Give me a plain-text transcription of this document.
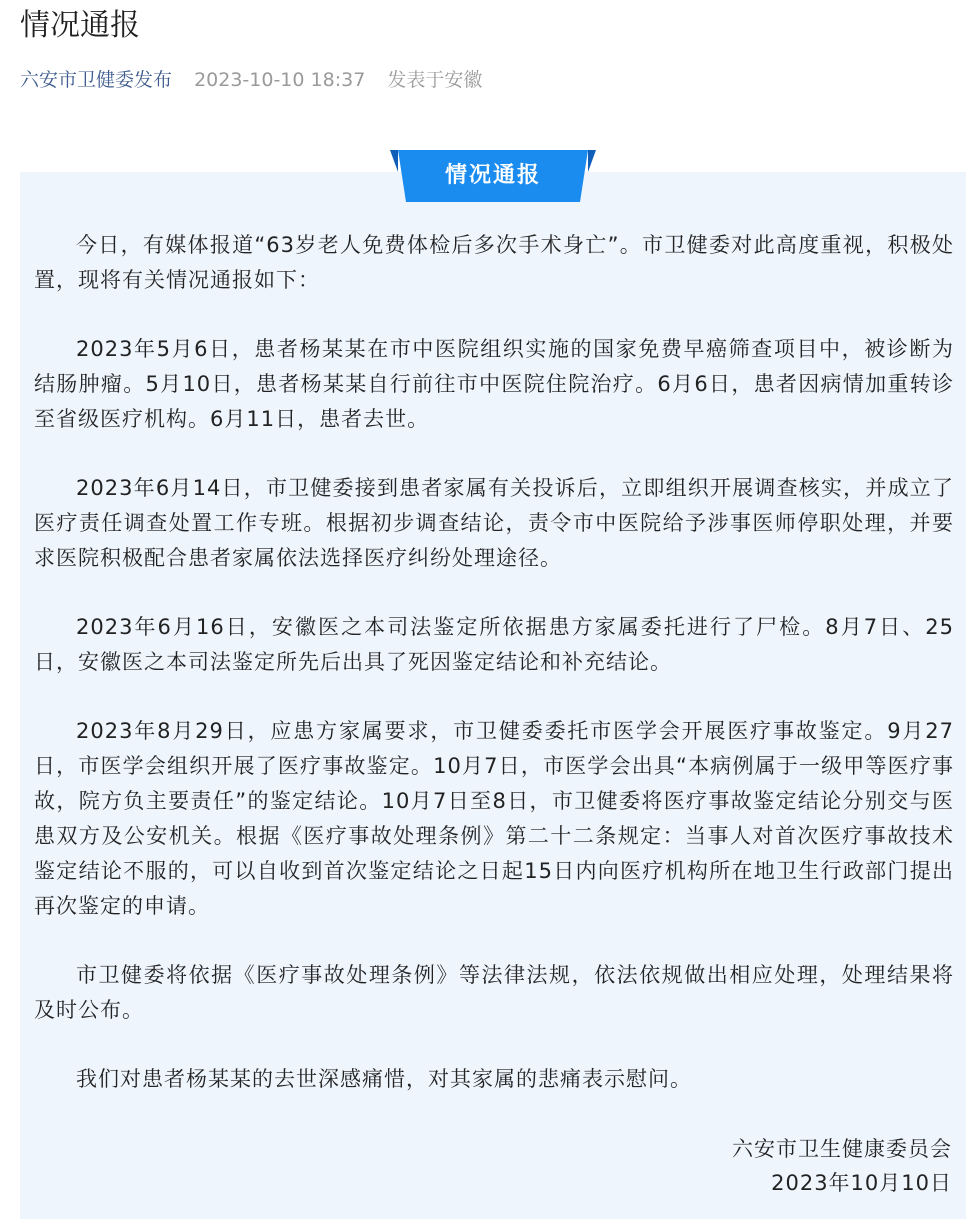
情况通报
六安市卫健委发布 2023-10-10 18:37 发表于安徽
情况通报

今日，有媒体报道“63岁老人免费体检后多次手术身亡”。市卫健委对此高度重视，积极处置，现将有关情况通报如下：

2023年5月6日，患者杨某某在市中医院组织实施的国家免费早癌筛查项目中，被诊断为结肠肿瘤。5月10日，患者杨某某自行前往市中医院住院治疗。6月6日，患者因病情加重转诊至省级医疗机构。6月11日，患者去世。

2023年6月14日，市卫健委接到患者家属有关投诉后，立即组织开展调查核实，并成立了医疗责任调查处置工作专班。根据初步调查结论，责令市中医院给予涉事医师停职处理，并要求医院积极配合患者家属依法选择医疗纠纷处理途径。

2023年6月16日，安徽医之本司法鉴定所依据患方家属委托进行了尸检。8月7日、25日，安徽医之本司法鉴定所先后出具了死因鉴定结论和补充结论。

2023年8月29日，应患方家属要求，市卫健委委托市医学会开展医疗事故鉴定。9月27日，市医学会组织开展了医疗事故鉴定。10月7日，市医学会出具“本病例属于一级甲等医疗事故，院方负主要责任”的鉴定结论。10月7日至8日，市卫健委将医疗事故鉴定结论分别交与医患双方及公安机关。根据《医疗事故处理条例》第二十二条规定：当事人对首次医疗事故技术鉴定结论不服的，可以自收到首次鉴定结论之日起15日内向医疗机构所在地卫生行政部门提出再次鉴定的申请。

市卫健委将依据《医疗事故处理条例》等法律法规，依法依规做出相应处理，处理结果将及时公布。

我们对患者杨某某的去世深感痛惜，对其家属的悲痛表示慰问。

六安市卫生健康委员会
2023年10月10日
